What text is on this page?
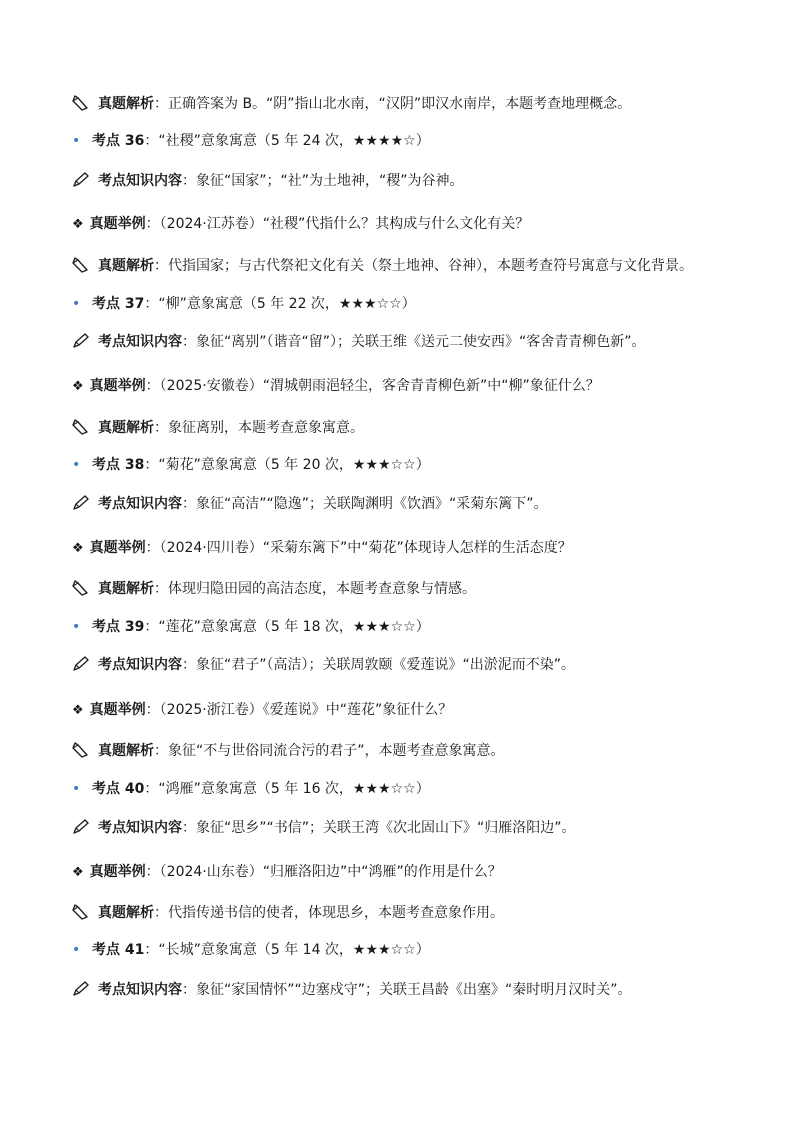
真题解析：正确答案为 B。“阴”指山北水南，“汉阴”即汉水南岸，本题考查地理概念。
• 考点 36：“社稷”意象寓意（5 年 24 次，★★★★☆）
考点知识内容：象征“国家”；“社”为土地神，“稷”为谷神。
❖ 真题举例：（2024·江苏卷）“社稷”代指什么？其构成与什么文化有关？
真题解析：代指国家；与古代祭祀文化有关（祭土地神、谷神），本题考查符号寓意与文化背景。
• 考点 37：“柳”意象寓意（5 年 22 次，★★★☆☆）
考点知识内容：象征“离别”（谐音“留”）；关联王维《送元二使安西》“客舍青青柳色新”。
❖ 真题举例：（2025·安徽卷）“渭城朝雨浥轻尘，客舍青青柳色新”中“柳”象征什么？
真题解析：象征离别，本题考查意象寓意。
• 考点 38：“菊花”意象寓意（5 年 20 次，★★★☆☆）
考点知识内容：象征“高洁”“隐逸”；关联陶渊明《饮酒》“采菊东篱下”。
❖ 真题举例：（2024·四川卷）“采菊东篱下”中“菊花”体现诗人怎样的生活态度？
真题解析：体现归隐田园的高洁态度，本题考查意象与情感。
• 考点 39：“莲花”意象寓意（5 年 18 次，★★★☆☆）
考点知识内容：象征“君子”（高洁）；关联周敦颐《爱莲说》“出淤泥而不染”。
❖ 真题举例：（2025·浙江卷）《爱莲说》中“莲花”象征什么？
真题解析：象征“不与世俗同流合污的君子”，本题考查意象寓意。
• 考点 40：“鸿雁”意象寓意（5 年 16 次，★★★☆☆）
考点知识内容：象征“思乡”“书信”；关联王湾《次北固山下》“归雁洛阳边”。
❖ 真题举例：（2024·山东卷）“归雁洛阳边”中“鸿雁”的作用是什么？
真题解析：代指传递书信的使者，体现思乡，本题考查意象作用。
• 考点 41：“长城”意象寓意（5 年 14 次，★★★☆☆）
考点知识内容：象征“家国情怀”“边塞戍守”；关联王昌龄《出塞》“秦时明月汉时关”。
